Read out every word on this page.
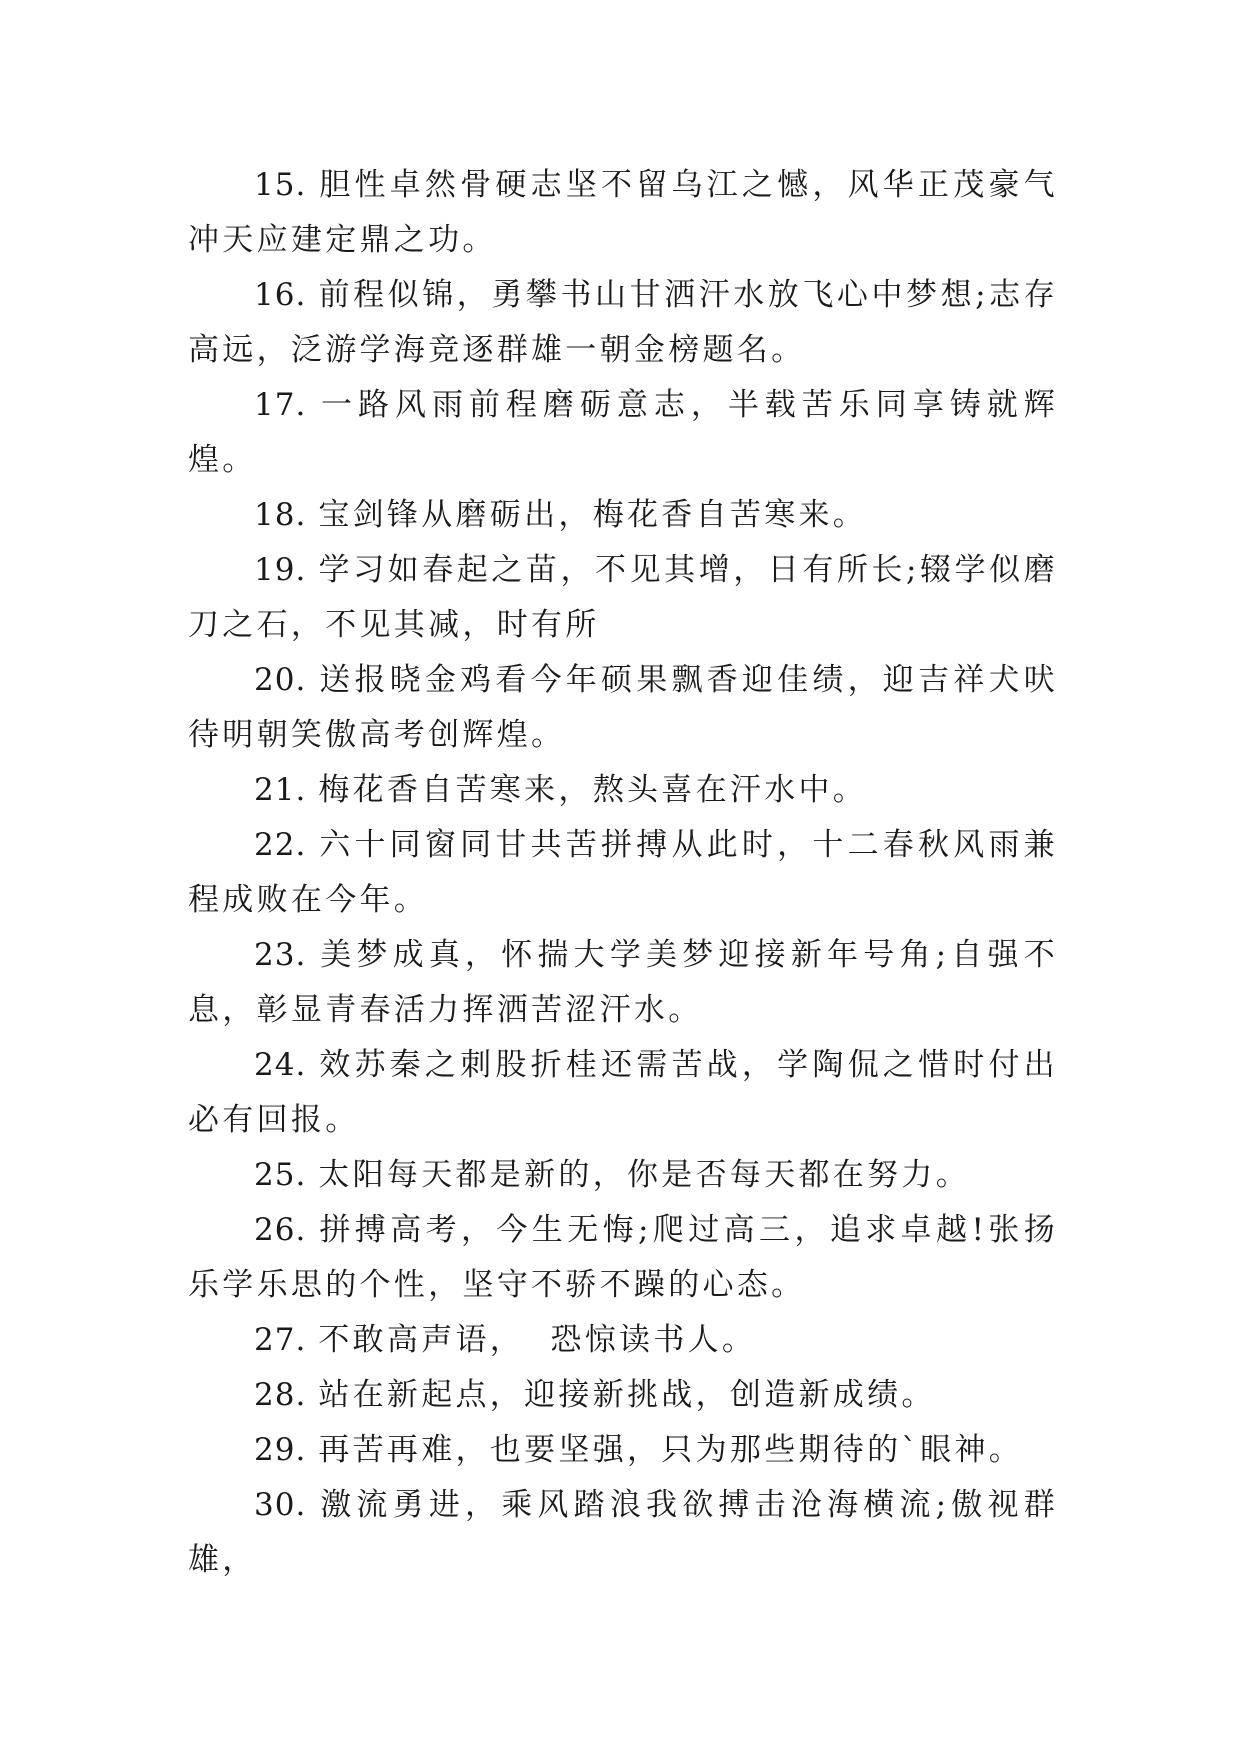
15. 胆性卓然骨硬志坚不留乌江之憾，风华正茂豪气冲天应建定鼎之功。

16. 前程似锦，勇攀书山甘洒汗水放飞心中梦想;志存高远，泛游学海竞逐群雄一朝金榜题名。

17. 一路风雨前程磨砺意志，半载苦乐同享铸就辉煌。

18. 宝剑锋从磨砺出，梅花香自苦寒来。

19. 学习如春起之苗，不见其增，日有所长;辍学似磨刀之石，不见其减，时有所

20. 送报晓金鸡看今年硕果飘香迎佳绩，迎吉祥犬吠待明朝笑傲高考创辉煌。

21. 梅花香自苦寒来，熬头喜在汗水中。

22. 六十同窗同甘共苦拼搏从此时，十二春秋风雨兼程成败在今年。

23. 美梦成真，怀揣大学美梦迎接新年号角;自强不息，彰显青春活力挥洒苦涩汗水。

24. 效苏秦之刺股折桂还需苦战，学陶侃之惜时付出必有回报。

25. 太阳每天都是新的，你是否每天都在努力。

26. 拼搏高考，今生无悔;爬过高三，追求卓越!张扬乐学乐思的个性，坚守不骄不躁的心态。

27. 不敢高声语，  恐惊读书人。

28. 站在新起点，迎接新挑战，创造新成绩。

29. 再苦再难，也要坚强，只为那些期待的`眼神。

30. 激流勇进，乘风踏浪我欲搏击沧海横流;傲视群雄，
